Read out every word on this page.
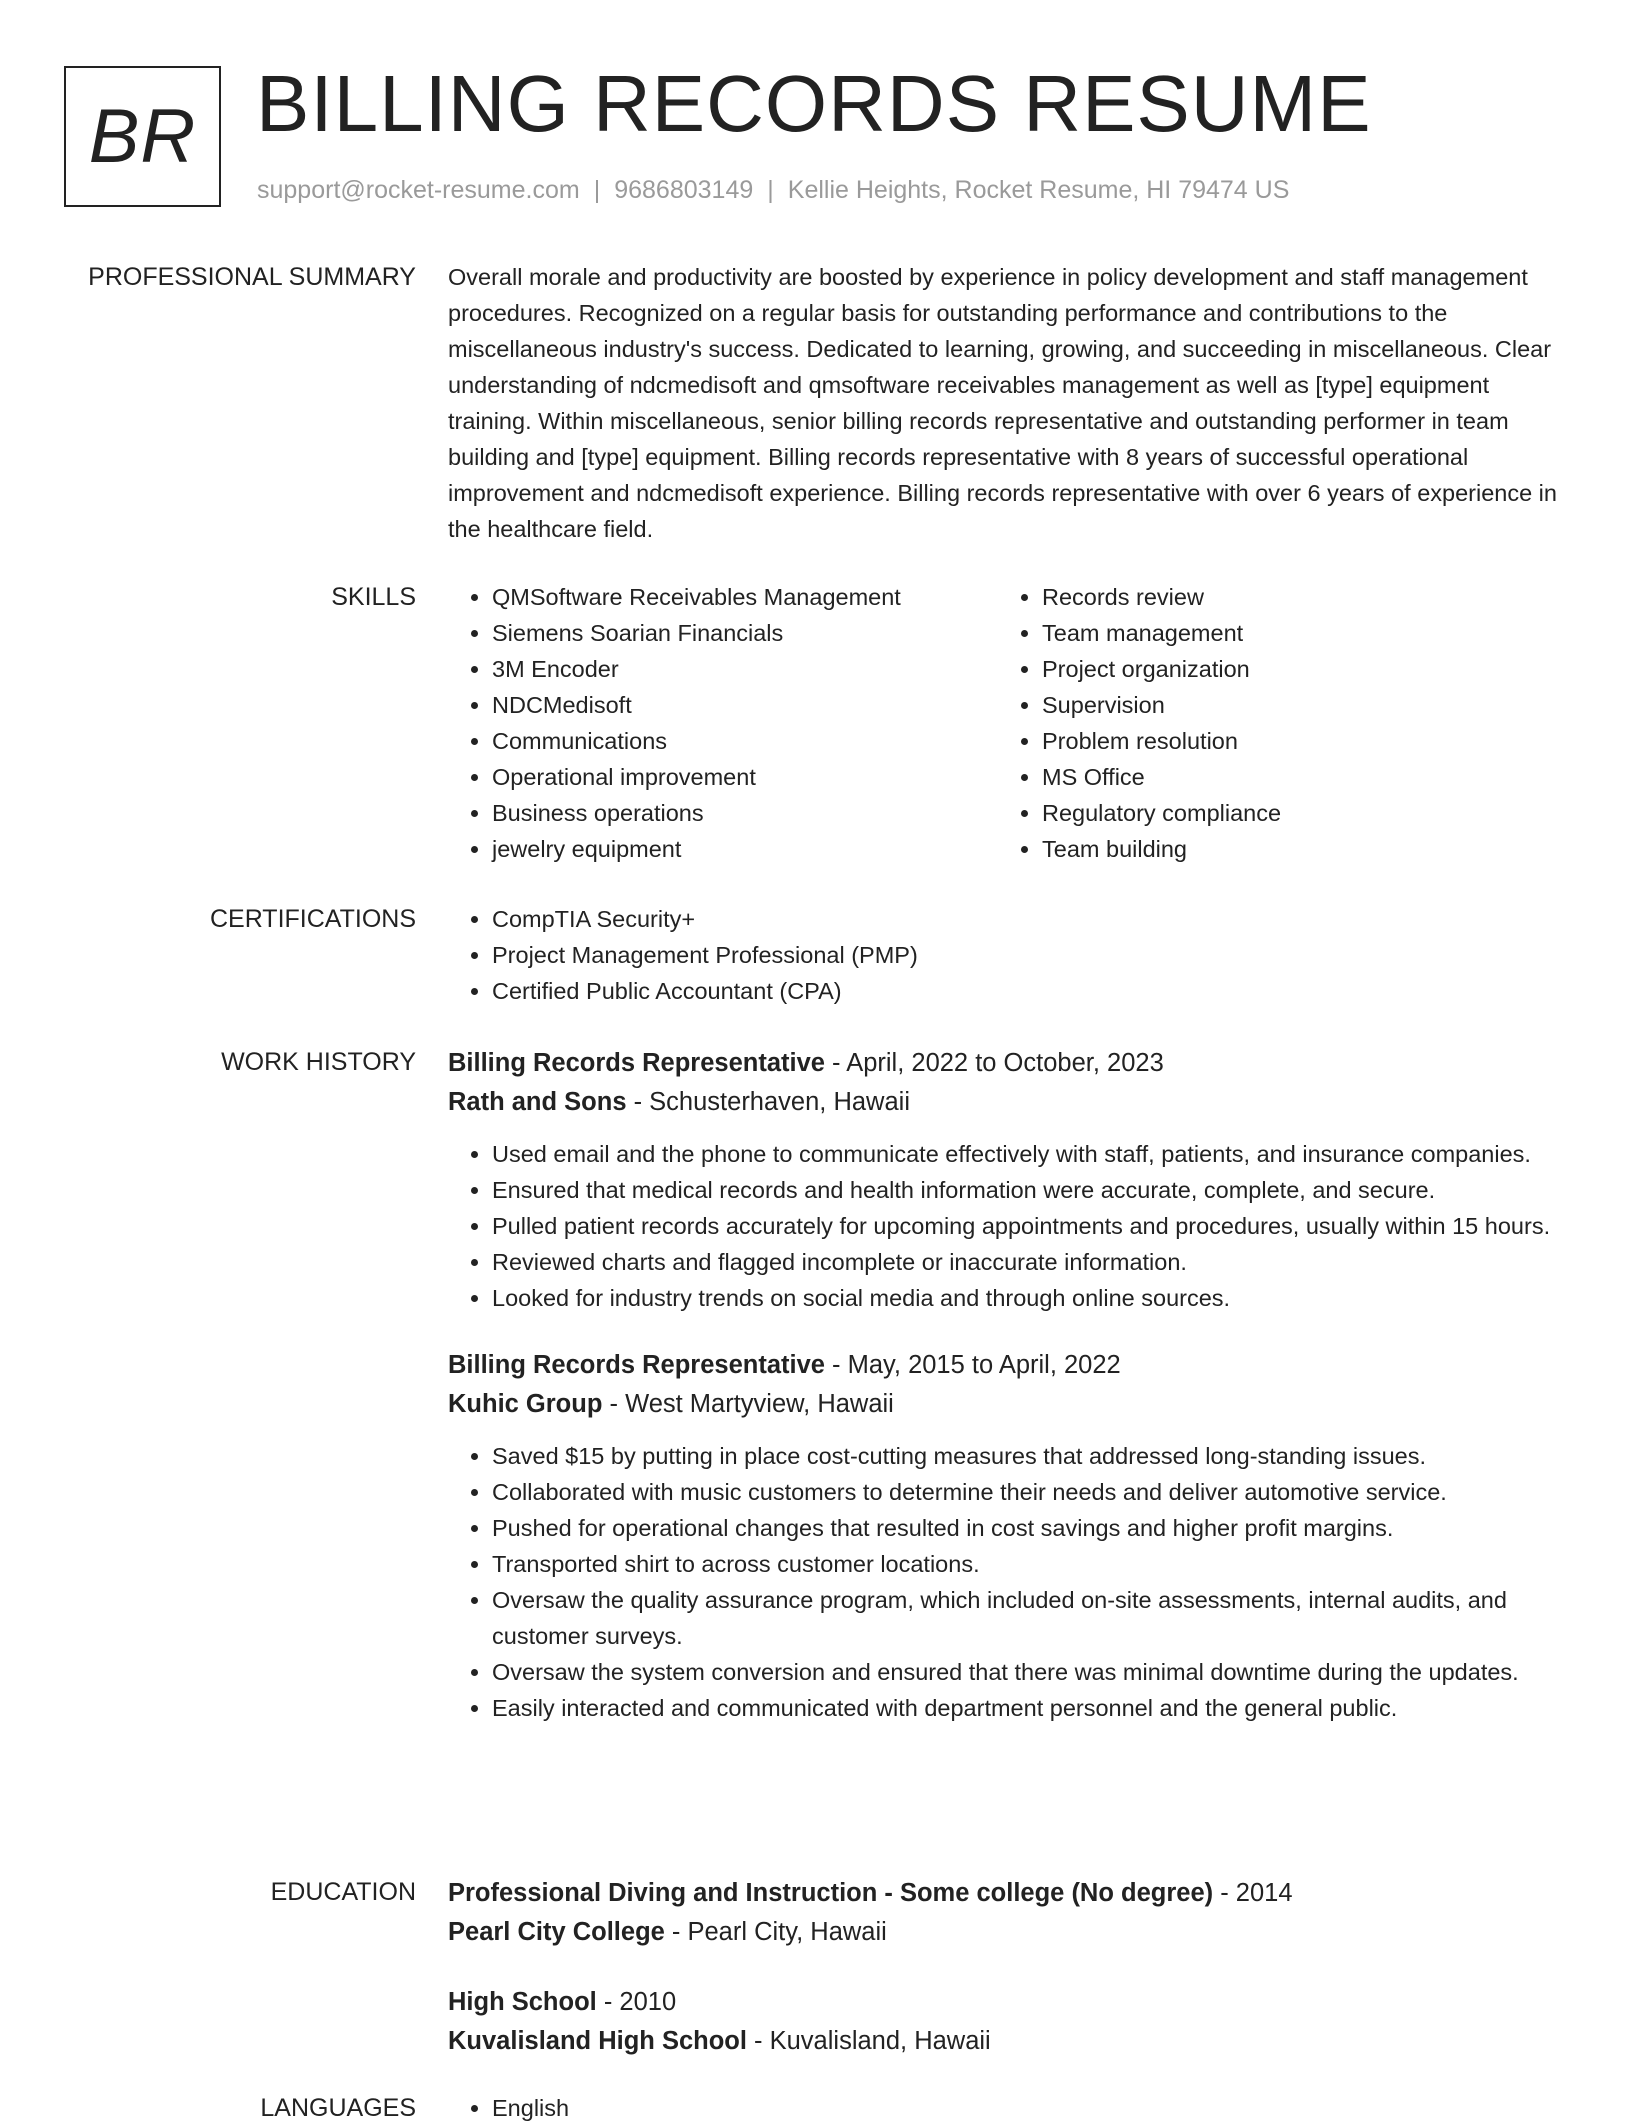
BR BILLING RECORDS RESUME
support@rocket-resume.com | 9686803149 | Kellie Heights, Rocket Resume, HI 79474 US
PROFESSIONAL SUMMARY Overall morale and productivity are boosted by experience in policy development and staff management procedures. Recognized on a regular basis for outstanding performance and contributions to the miscellaneous industry's success. Dedicated to learning, growing, and succeeding in miscellaneous. Clear understanding of ndcmedisoft and qmsoftware receivables management as well as [type] equipment training. Within miscellaneous, senior billing records representative and outstanding performer in team building and [type] equipment. Billing records representative with 8 years of successful operational improvement and ndcmedisoft experience. Billing records representative with over 6 years of experience in the healthcare field.

SKILLS	• QMSoftware Receivables Management
• Siemens Soarian Financials
• 3M Encoder
• NDCMedisoft
• Communications
• Operational improvement
• Business operations
• jewelry equipment
• Records review
• Team management
• Project organization
• Supervision
• Problem resolution
• MS Office
• Regulatory compliance
• Team building
CERTIFICATIONS	• CompTIA Security+
• Project Management Professional (PMP)
• Certified Public Accountant (CPA)
WORK HISTORY Billing Records Representative - April, 2022 to October, 2023
Rath and Sons - Schusterhaven, Hawaii
• Used email and the phone to communicate effectively with staff, patients, and insurance companies.
• Ensured that medical records and health information were accurate, complete, and secure.
• Pulled patient records accurately for upcoming appointments and procedures, usually within 15 hours.
• Reviewed charts and flagged incomplete or inaccurate information.
• Looked for industry trends on social media and through online sources.
Billing Records Representative - May, 2015 to April, 2022
Kuhic Group - West Martyview, Hawaii
• Saved $15 by putting in place cost-cutting measures that addressed long-standing issues.
• Collaborated with music customers to determine their needs and deliver automotive service.
• Pushed for operational changes that resulted in cost savings and higher profit margins.
• Transported shirt to across customer locations.
• Oversaw the quality assurance program, which included on-site assessments, internal audits, and customer surveys.
• Oversaw the system conversion and ensured that there was minimal downtime during the updates.
• Easily interacted and communicated with department personnel and the general public.
EDUCATION Professional Diving and Instruction - Some college (No degree) - 2014
Pearl City College - Pearl City, Hawaii
High School - 2010
Kuvalisland High School - Kuvalisland, Hawaii
LANGUAGES	• English
